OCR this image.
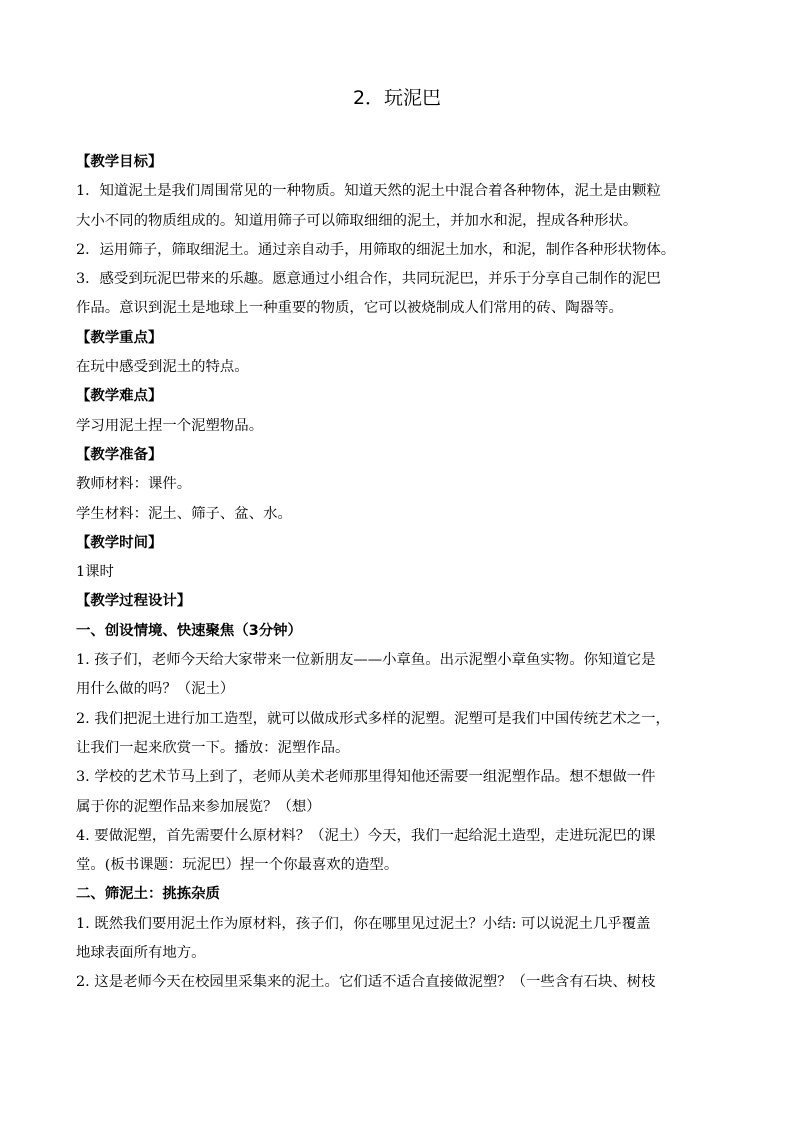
2．玩泥巴
【教学目标】
1．知道泥土是我们周围常见的一种物质。知道天然的泥土中混合着各种物体，泥土是由颗粒
大小不同的物质组成的。知道用筛子可以筛取细细的泥土，并加水和泥，捏成各种形状。
2．运用筛子，筛取细泥土。通过亲自动手，用筛取的细泥土加水，和泥，制作各种形状物体。
3．感受到玩泥巴带来的乐趣。愿意通过小组合作，共同玩泥巴，并乐于分享自己制作的泥巴
作品。意识到泥土是地球上一种重要的物质，它可以被烧制成人们常用的砖、陶器等。
【教学重点】
在玩中感受到泥土的特点。
【教学难点】
学习用泥土捏一个泥塑物品。
【教学准备】
教师材料：课件。
学生材料：泥土、筛子、盆、水。
【教学时间】
1课时
【教学过程设计】
一、创设情境、快速聚焦（3分钟）
1. 孩子们，老师今天给大家带来一位新朋友——小章鱼。出示泥塑小章鱼实物。你知道它是
用什么做的吗？（泥土）
2. 我们把泥土进行加工造型，就可以做成形式多样的泥塑。泥塑可是我们中国传统艺术之一，
让我们一起来欣赏一下。播放：泥塑作品。
3. 学校的艺术节马上到了，老师从美术老师那里得知他还需要一组泥塑作品。想不想做一件
属于你的泥塑作品来参加展览？（想）
4. 要做泥塑，首先需要什么原材料？（泥土）今天，我们一起给泥土造型，走进玩泥巴的课
堂。(板书课题：玩泥巴）捏一个你最喜欢的造型。
二、筛泥土：挑拣杂质
1. 既然我们要用泥土作为原材料，孩子们，你在哪里见过泥土？小结: 可以说泥土几乎覆盖
地球表面所有地方。
2. 这是老师今天在校园里采集来的泥土。它们适不适合直接做泥塑？（一些含有石块、树枝
